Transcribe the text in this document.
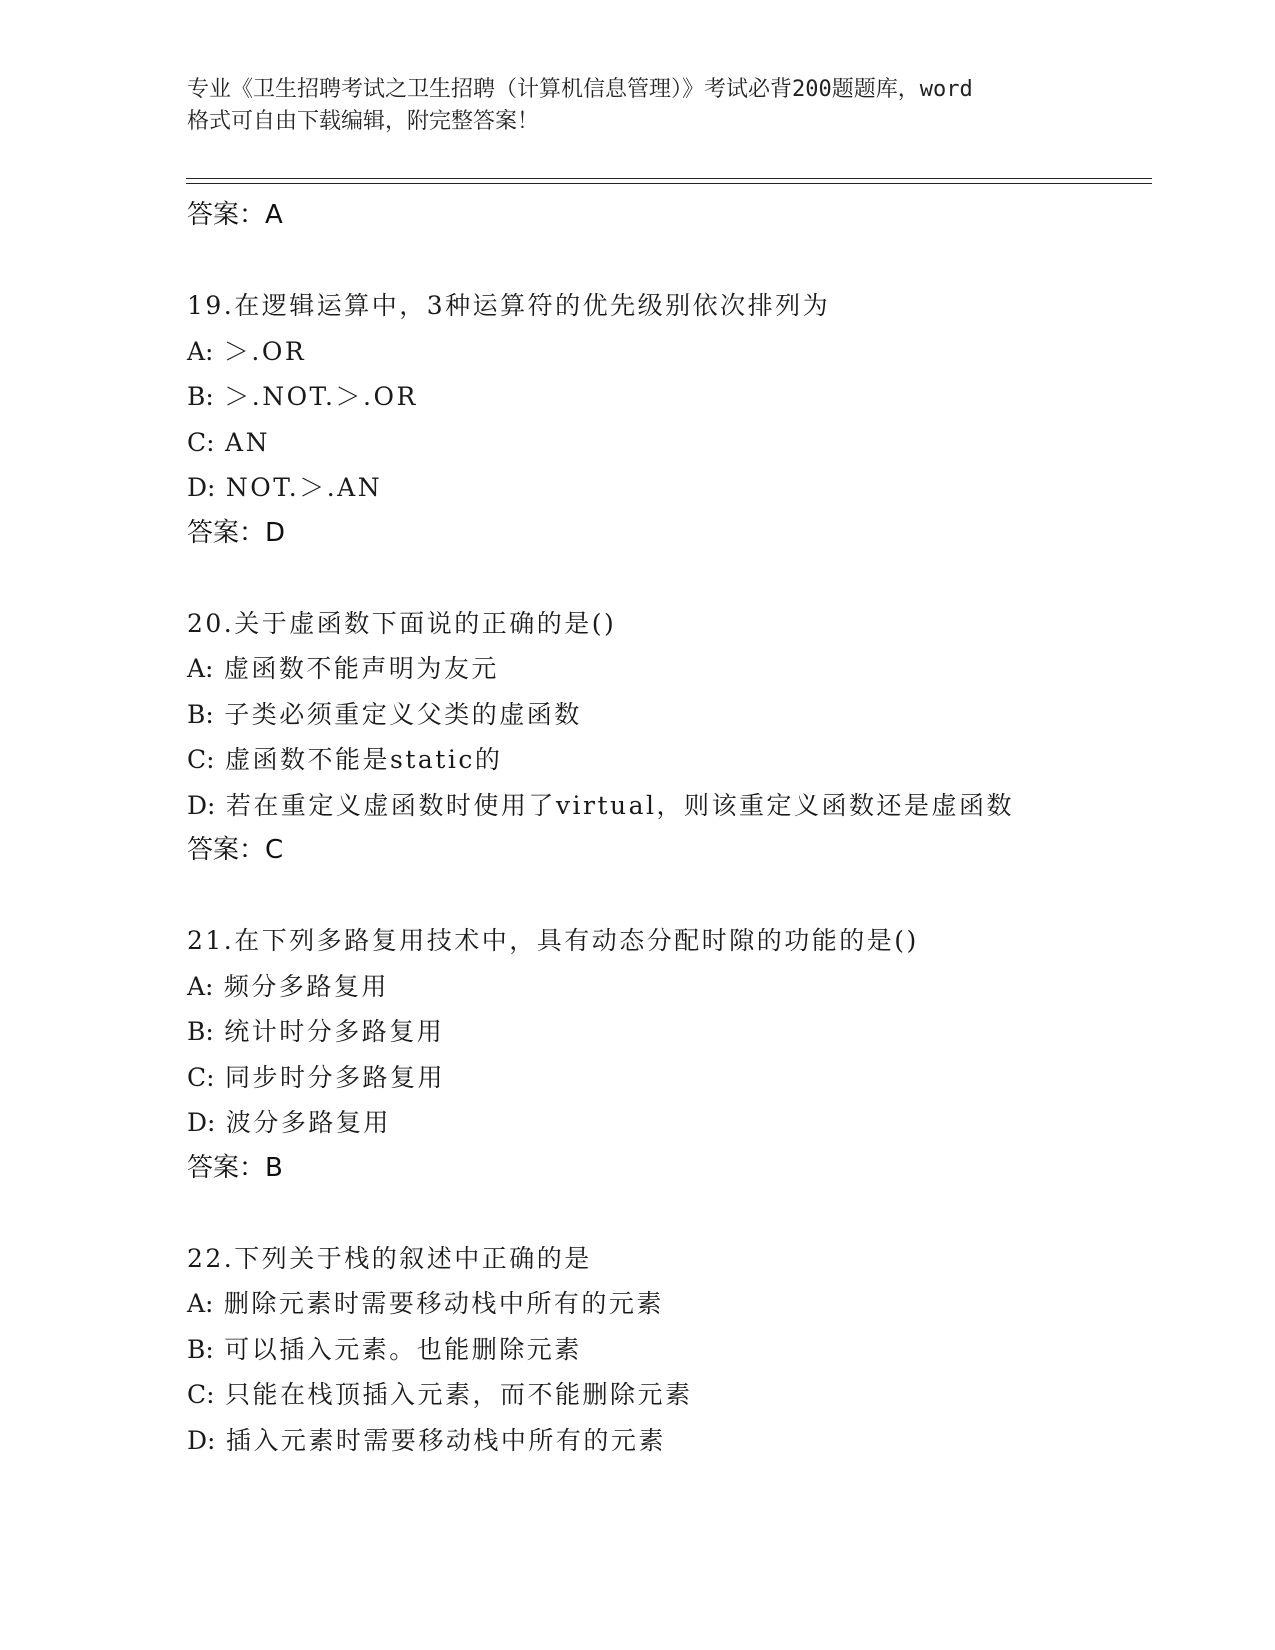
专业《卫生招聘考试之卫生招聘（计算机信息管理）》考试必背200题题库，word
格式可自由下载编辑，附完整答案！
答案：A
19.在逻辑运算中，3种运算符的优先级别依次排列为
A: ＞.OR
B: ＞.NOT.＞.OR
C: AN
D: NOT.＞.AN
答案：D
20.关于虚函数下面说的正确的是()
A: 虚函数不能声明为友元
B: 子类必须重定义父类的虚函数
C: 虚函数不能是static的
D: 若在重定义虚函数时使用了virtual，则该重定义函数还是虚函数
答案：C
21.在下列多路复用技术中，具有动态分配时隙的功能的是()
A: 频分多路复用
B: 统计时分多路复用
C: 同步时分多路复用
D: 波分多路复用
答案：B
22.下列关于栈的叙述中正确的是
A: 删除元素时需要移动栈中所有的元素
B: 可以插入元素。也能删除元素
C: 只能在栈顶插入元素，而不能删除元素
D: 插入元素时需要移动栈中所有的元素
